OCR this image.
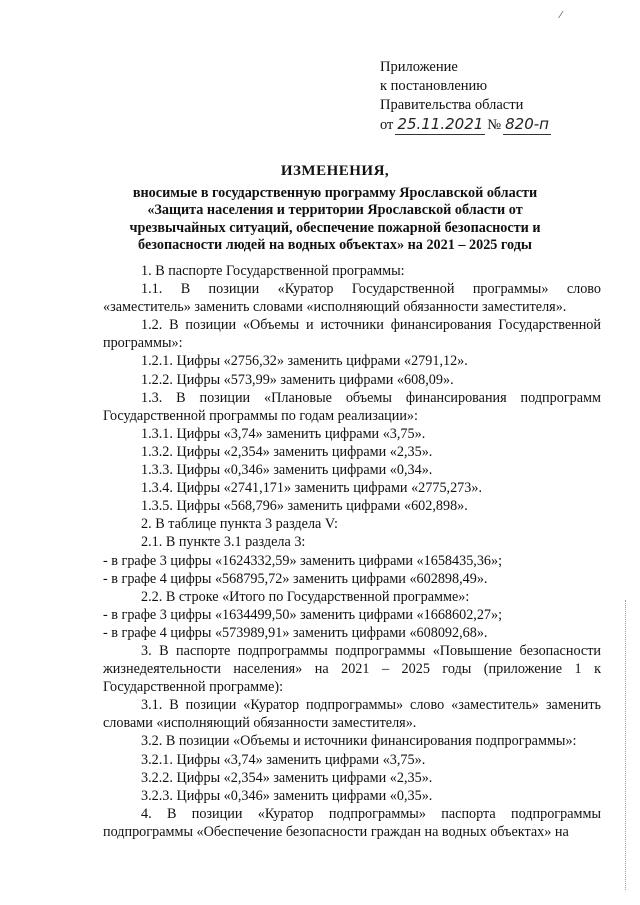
⁄
Приложение
к постановлению
Правительства области
от 25.11.2021 № 820-п
ИЗМЕНЕНИЯ,
вносимые в государственную программу Ярославской области
«Защита населения и территории Ярославской области от
чрезвычайных ситуаций, обеспечение пожарной безопасности и
безопасности людей на водных объектах» на 2021 – 2025 годы

1. В паспорте Государственной программы:

1.1. В позиции «Куратор Государственной программы» слово «заместитель» заменить словами «исполняющий обязанности заместителя».

1.2. В позиции «Объемы и источники финансирования Государственной программы»:

1.2.1. Цифры «2756,32» заменить цифрами «2791,12».

1.2.2. Цифры «573,99» заменить цифрами «608,09».

1.3. В позиции «Плановые объемы финансирования подпрограмм Государственной программы по годам реализации»:

1.3.1. Цифры «3,74» заменить цифрами «3,75».

1.3.2. Цифры «2,354» заменить цифрами «2,35».

1.3.3. Цифры «0,346» заменить цифрами «0,34».

1.3.4. Цифры «2741,171» заменить цифрами «2775,273».

1.3.5. Цифры «568,796» заменить цифрами «602,898».

2. В таблице пункта 3 раздела V:

2.1. В пункте 3.1 раздела 3:

- в графе 3 цифры «1624332,59» заменить цифрами «1658435,36»;

- в графе 4 цифры «568795,72» заменить цифрами «602898,49».

2.2. В строке «Итого по Государственной программе»:

- в графе 3 цифры «1634499,50» заменить цифрами «1668602,27»;

- в графе 4 цифры «573989,91» заменить цифрами «608092,68».

3. В паспорте подпрограммы подпрограммы «Повышение безопасности жизнедеятельности населения» на 2021 – 2025 годы (приложение 1 к Государственной программе):

3.1. В позиции «Куратор подпрограммы» слово «заместитель» заменить словами «исполняющий обязанности заместителя».

3.2. В позиции «Объемы и источники финансирования подпрограммы»:

3.2.1. Цифры «3,74» заменить цифрами «3,75».

3.2.2. Цифры «2,354» заменить цифрами «2,35».

3.2.3. Цифры «0,346» заменить цифрами «0,35».

4. В позиции «Куратор подпрограммы» паспорта подпрограммы подпрограммы «Обеспечение безопасности граждан на водных объектах» на
